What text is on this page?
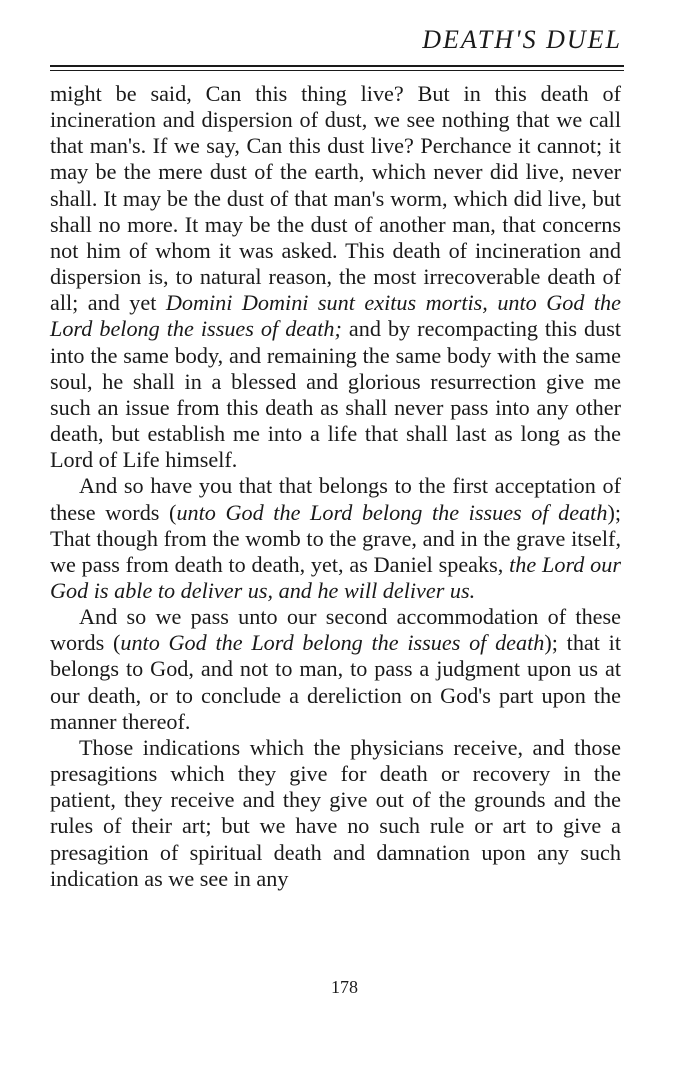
DEATH'S DUEL

might be said, Can this thing live? But in this death of incineration and dispersion of dust, we see nothing that we call that man's. If we say, Can this dust live? Perchance it cannot; it may be the mere dust of the earth, which never did live, never shall. It may be the dust of that man's worm, which did live, but shall no more. It may be the dust of another man, that concerns not him of whom it was asked. This death of incineration and dispersion is, to natural reason, the most irrecoverable death of all; and yet Domini Domini sunt exitus mortis, unto God the Lord belong the issues of death; and by recompacting this dust into the same body, and remaining the same body with the same soul, he shall in a blessed and glorious resurrection give me such an issue from this death as shall never pass into any other death, but establish me into a life that shall last as long as the Lord of Life himself.

And so have you that that belongs to the first acceptation of these words (unto God the Lord belong the issues of death); That though from the womb to the grave, and in the grave itself, we pass from death to death, yet, as Daniel speaks, the Lord our God is able to deliver us, and he will deliver us.

And so we pass unto our second accommodation of these words (unto God the Lord belong the issues of death); that it belongs to God, and not to man, to pass a judgment upon us at our death, or to conclude a dereliction on God's part upon the manner thereof.

Those indications which the physicians receive, and those presagitions which they give for death or recovery in the patient, they receive and they give out of the grounds and the rules of their art; but we have no such rule or art to give a presagition of spiritual death and damnation upon any such indication as we see in any

178
